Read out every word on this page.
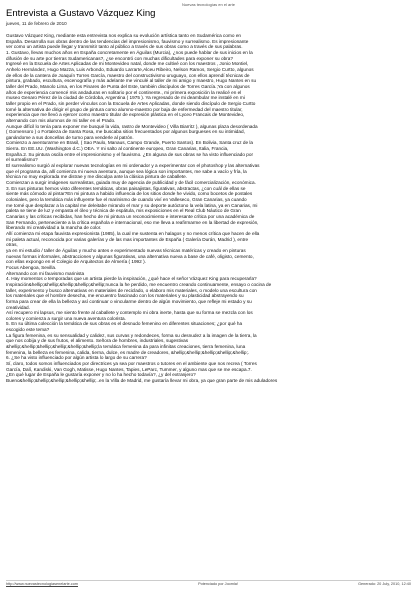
Nuevas tecnologías en el arte
Entrevista a Gustavo Vázquez King
jueves, 11 de febrero de 2010

Gustavo Vázquez King, mediante esta entrevista nos explica su evolución artística tanto en Sudamérica como en

España. Desarrolla sus obras dentro de las tendencias del impresionismo, fauvismo y surrealismo. Es impresionante

ver como un artista puede llegar y transmitir tanto al público a través de sus obras como a través de sus palabras.

1. Gustavo, llevas muchos años en España concretamente en Águilas (Murcia), ¿nos puede hablar de sus inicios en la

difusión de su arte por tierras Sudamericanas?, ¿se encontró con muchas dificultades para exponer su obra?

Ingresé en la Escuela de Artes Aplicadas de mi Montevideo natal, donde me cultivé con los maestros , Jonio Montiel,

Anhelo Hernández, Hugo Mazza, Luis Arbondo, Eduardo Larrarte,Alceu Ribeiro, Nelson Ramos, Sergio Curtto, algunos

de ellos de la cantera de Joaquín Torres García, maestro del constructivismo uruguayo, con ellos aprendí técnicas de

pintura, grabado, escultura, escenografía y más adelante me vinculé al taller de mi amigo y maestro, Hugo Nantes en su

taller del Prado, Manolo Lima, en los Pinares de Punta del Este, también discípulos de Torres García.;Ya con algunos

años de experiencia comencé mis andaduras en solitario por el continente., mi primera exposición la realicé en el

museo Genaro Pérez de la ciudad de Córdoba, Argentina ( 1975 ). Ya regresado de mi deambular me instalé en mi

taller propio en el Prado, sin perder vínculos con la Escuela de Artes Aplicadas, donde siendo discípulo de Sergio Curtto

tomé la alternativa de dirigir el grupo de pintura como alumno-maestro por baja de enfermedad del maestro titular,

experiencia que me llevó a ejercer como maestro titular de expresión plástica en el Lyceo Francais de Montevideo,

alternando con mis alumnos de mi taller en el Prado.

Aunque difícil lo tenía para exponer me busqué la vida, rastro de Montevideo ( Villa Biarritz ), algunas plaza desordenada

( Gomensoro ) o Fortaleza de Santa Rosa, me buscaba sitios frecuentados por algunos burgueses en su intimidad,

ganándome a sus doncellas de turno para venderle al patrón.

Comienzo a aventurarme en Brasil, ( Sao Paulo, Manaus, Campo Grande, Puerto Santos). En Bolivia, Santa cruz de la

Sierra. En EE.UU. (Washington d.C.) OEA. Y mi salto al continente europeo, Gran Canarias, Italia, Francia,

España.2. Su pintura oscila entre el impresionismo y el fauvismo. ¿En alguna de sus obras se ha visto influenciado por

el surrealismo?

El surrealismo surgió al explorar nuevas tecnologías en mi ordenador y a experimentar con el photoshop y las alternativas

que el programa da, allí comienza mi nueva aventura, aunque sea lógica son importantes, me sabe a vacío y fría, la

técnica no muy explorada me distrae y me disculpa ante la clásica pintura de caballete.

Comienzan a surgir imágenes surrealistas, guiada muy de agencia de publicidad y de fácil comercialización, económica.

3. En sus pinturas hemos visto diferentes temáticas, obras paisajistas, figurativas, abstractas, ¿con cuál de ellas se

siente más cómodo al pintar?En mi pintura a habido influencia de los sitios donde he vivido, como bocetos de postales

coloniales, pero la temática más influyente fue el marinismo de cuando viví en Valleseco, Gran Canarias, ya cuando

me tomé que desplazar a la capital me deleitabe mirando el mar y su deporte autóctono la vela latina, ya en Canarias, mi

paleta se tiene de luz y empasta el óleo y técnica de espátula, mis exposiciones en el Real Club Náutico de Gran

Canarias y las críticas recibidas, han hecho de mi pintura un reconocimiento e interesante crítica por una académica de

San Fernando, perteneciente a la crítica española e internacional, eso me lleva a reafirmarme en la libertad de expresión,

liberando mi creatividad a la mancha de color.

Allí comienza mi etapa fauvista expresionista (1985), la cual me sustenta en halagos y no menos crítica que hacen de ella

mi paleta actual, reconocida por varias galerías y de las mas importantes de España ( Galería Durán, Madrid ), entre

otras,

ya en mi estudio / taller de Águilas y mucho antes e experimentado nuevas técnicas matéricas y creado en pinturas

nuevas formas informales, abstracciones y algunas figurativas, una alternativa nueva a base de café, oligisto, cemento,

con ellas expongo en el Colegio de Arquitectos de Almería ( 1992 ).

Focus Abengoa, Sevilla.

Alternando con mi fauvismo marinista

4. Hay momentos o temporadas que un artista pierde la inspiración, ¿qué hace el señor Vázquez King para recuperarla?

Inspiración&hellip;&hellip;&hellip;&hellip;&hellip;nunca la he perdido, me encuentro creando continuamente, ensayo o cocina de

taller, experimento y busco alternativas en materiales de reciclado, o elaboro mis materiales, o modelo una escultura con

los materiales que el hombre desecha, me encuentro fascinado con los materiales y su plasticidad abstrayendo su

forma para crear de ella la belleza y así continuar o vincularme dentro de algún movimiento, que refleje mi estado y su

creatividad.

Así recupero mi lapsus, me siento frente al caballete y contemplo mi obra inerte, hasta que su forma se mezcla con los

colores y comienza a surgir una nueva aventura colorista.

5. En su última colección la temática de sus obras es el desnudo femenino en diferentes situaciones; ¿por qué ha

escogido este tema?

La figura femenina, es su sensualidad y calidez, sus curvas y redondeces, forma su desnudez a la imagen de la tierra, la

que nos cobija y de sus frutos, el alimento. Señora de hombres, industriales, sugestivas

&hellip;&hellip;&hellip;&hellip;&hellip;&hellip;la temática femenina da para infinitas creaciones, tierra femenina, luna

femenina, la belleza es femenina, calida, tierna, dulce, es madre de creadores, &hellip;&hellip;&hellip;&hellip;&hellip;.

6. ¿Se ha visto influenciado por algún artista lo largo de su carrera?

Sí, claro, todos somos influenciados por directrices ya sea por maestros o tutores en el ambiente que nos recrea ( Torres

García, Dalí, Kandiski, Van Gogh, Matisse, Hugo Nantes, Tapies, LeParc, Tummer, y alguno mas que se me escapa.7.

¿En qué lugar de España le gustaría exponer y no lo ha hecho todavía?, ¿y del extranjero?

Bueno&hellip;&hellip;&hellip;&hellip;&hellip;..en la Villa de Madrid, me gustaría llevar mi obra, ya que gran parte de mis aduladores

http://www.nuevastecnologiasenelarte.com	Potenciado por Joomla!	Generado: 20 July, 2010, 12:40
